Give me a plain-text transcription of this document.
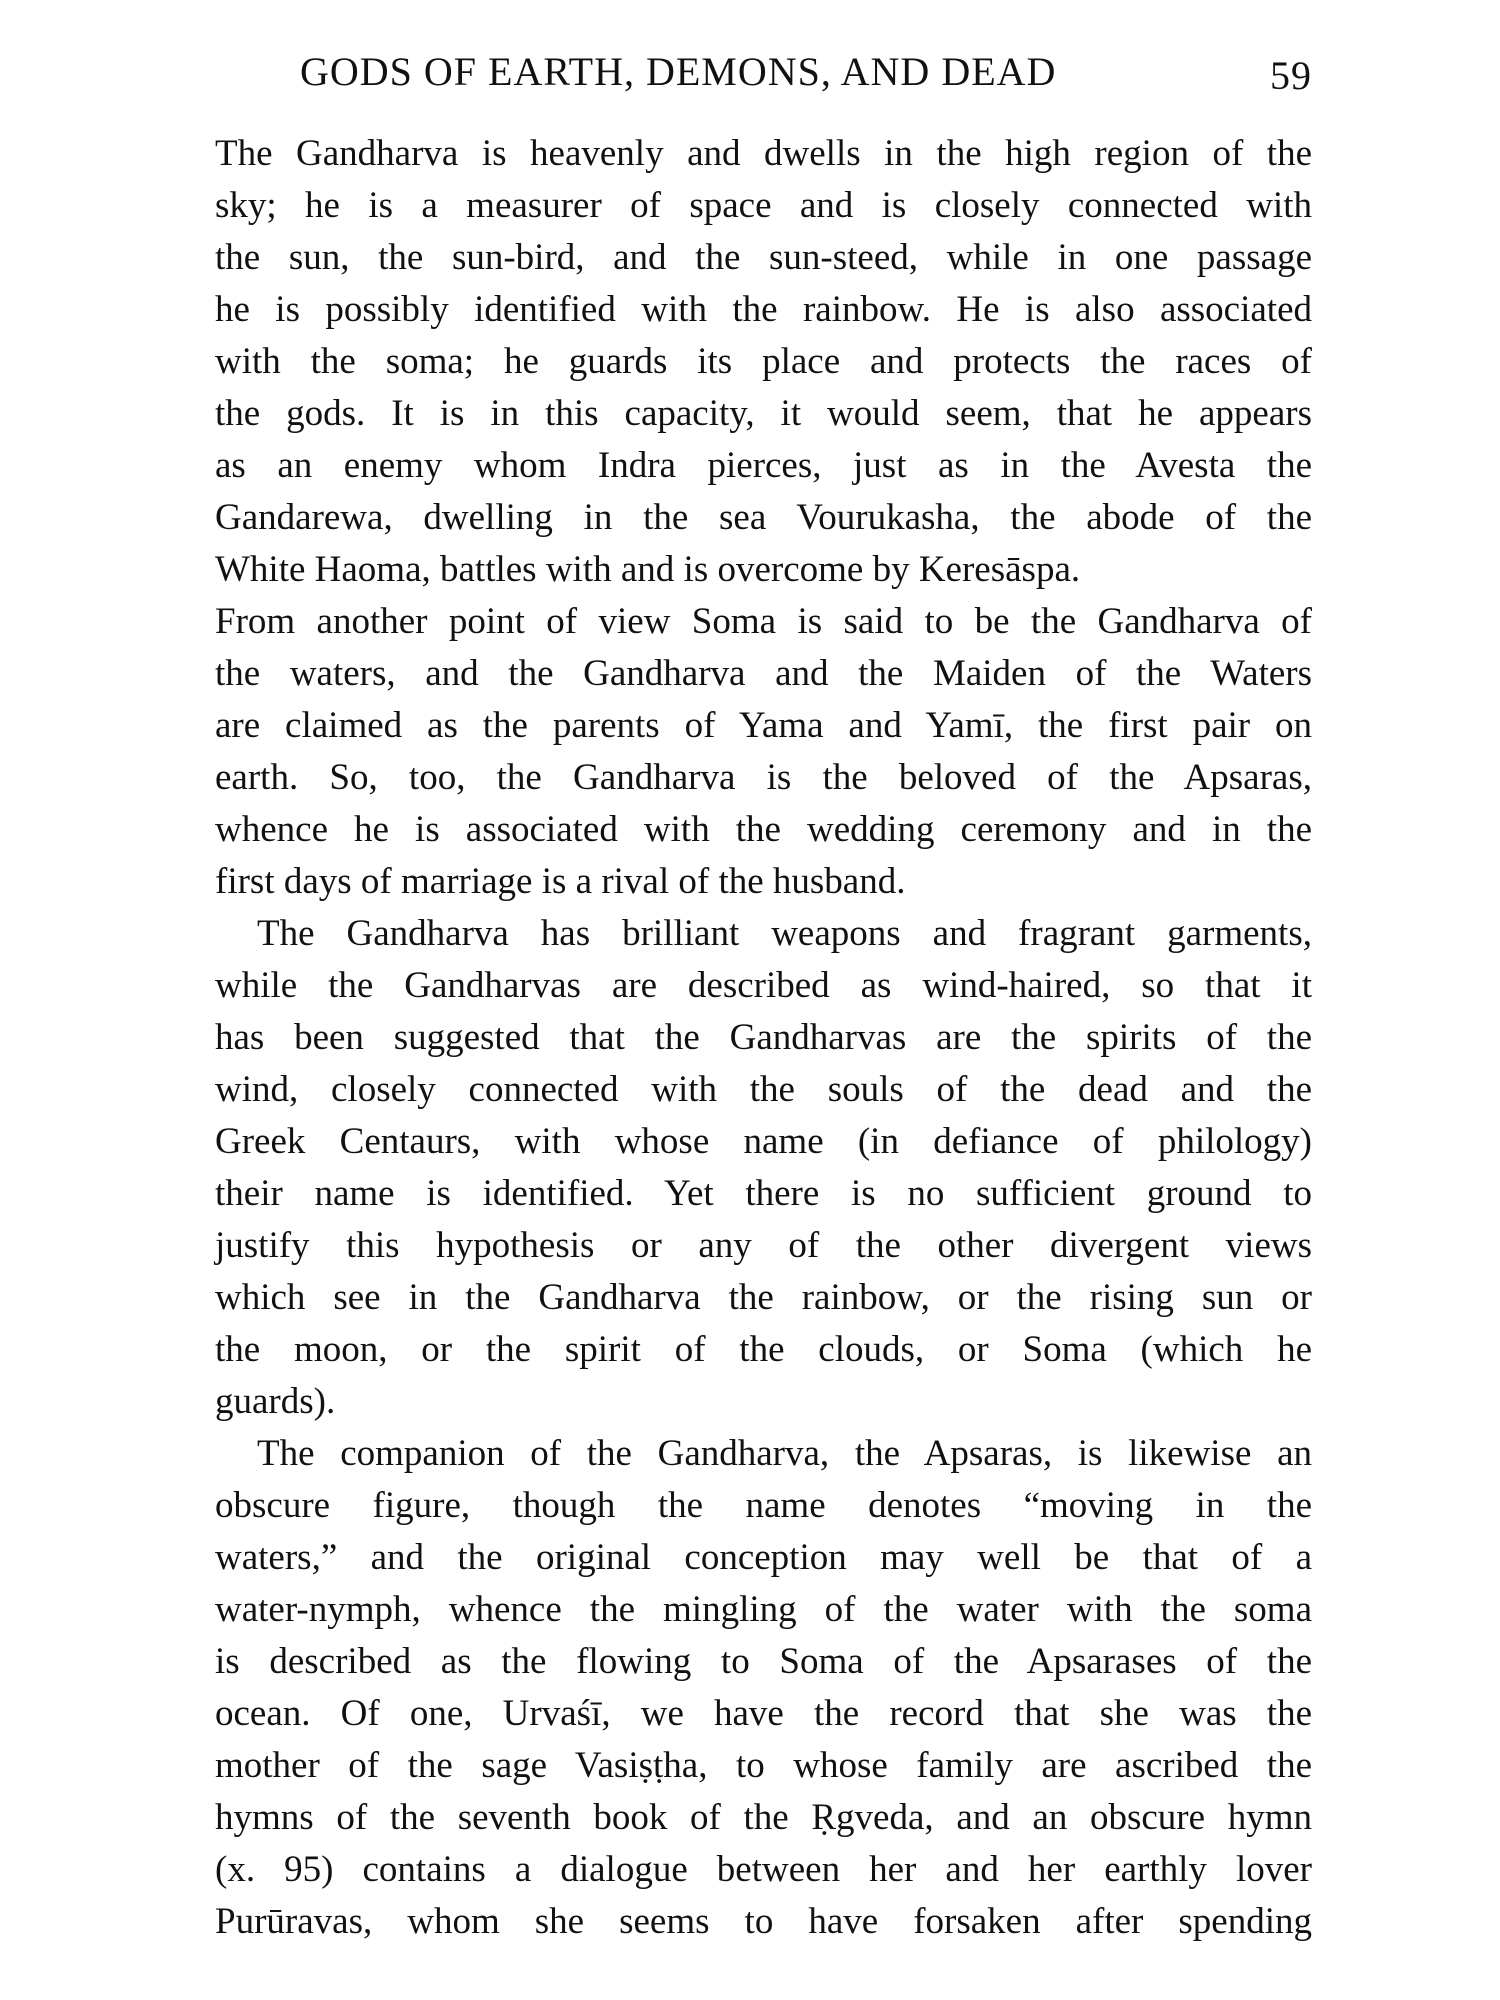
GODS OF EARTH, DEMONS, AND DEAD	59
The Gandharva is heavenly and dwells in the high region of the
sky; he is a measurer of space and is closely connected with
the sun, the sun-bird, and the sun-steed, while in one passage
he is possibly identified with the rainbow. He is also associated
with the soma; he guards its place and protects the races of
the gods. It is in this capacity, it would seem, that he appears
as an enemy whom Indra pierces, just as in the Avesta the
Gandarewa, dwelling in the sea Vourukasha, the abode of the
White Haoma, battles with and is overcome by Keresāspa.
From another point of view Soma is said to be the Gandharva of
the waters, and the Gandharva and the Maiden of the Waters
are claimed as the parents of Yama and Yamī, the first pair on
earth. So, too, the Gandharva is the beloved of the Apsaras,
whence he is associated with the wedding ceremony and in the
first days of marriage is a rival of the husband.
The Gandharva has brilliant weapons and fragrant garments,
while the Gandharvas are described as wind-haired, so that it
has been suggested that the Gandharvas are the spirits of the
wind, closely connected with the souls of the dead and the
Greek Centaurs, with whose name (in defiance of philology)
their name is identified. Yet there is no sufficient ground to
justify this hypothesis or any of the other divergent views
which see in the Gandharva the rainbow, or the rising sun or
the moon, or the spirit of the clouds, or Soma (which he
guards).
The companion of the Gandharva, the Apsaras, is likewise an
obscure figure, though the name denotes “moving in the
waters,” and the original conception may well be that of a
water-nymph, whence the mingling of the water with the soma
is described as the flowing to Soma of the Apsarases of the
ocean. Of one, Urvaśī, we have the record that she was the
mother of the sage Vasiṣṭha, to whose family are ascribed the
hymns of the seventh book of the Ṛgveda, and an obscure hymn
(x. 95) contains a dialogue between her and her earthly lover
Purūravas, whom she seems to have forsaken after spending
